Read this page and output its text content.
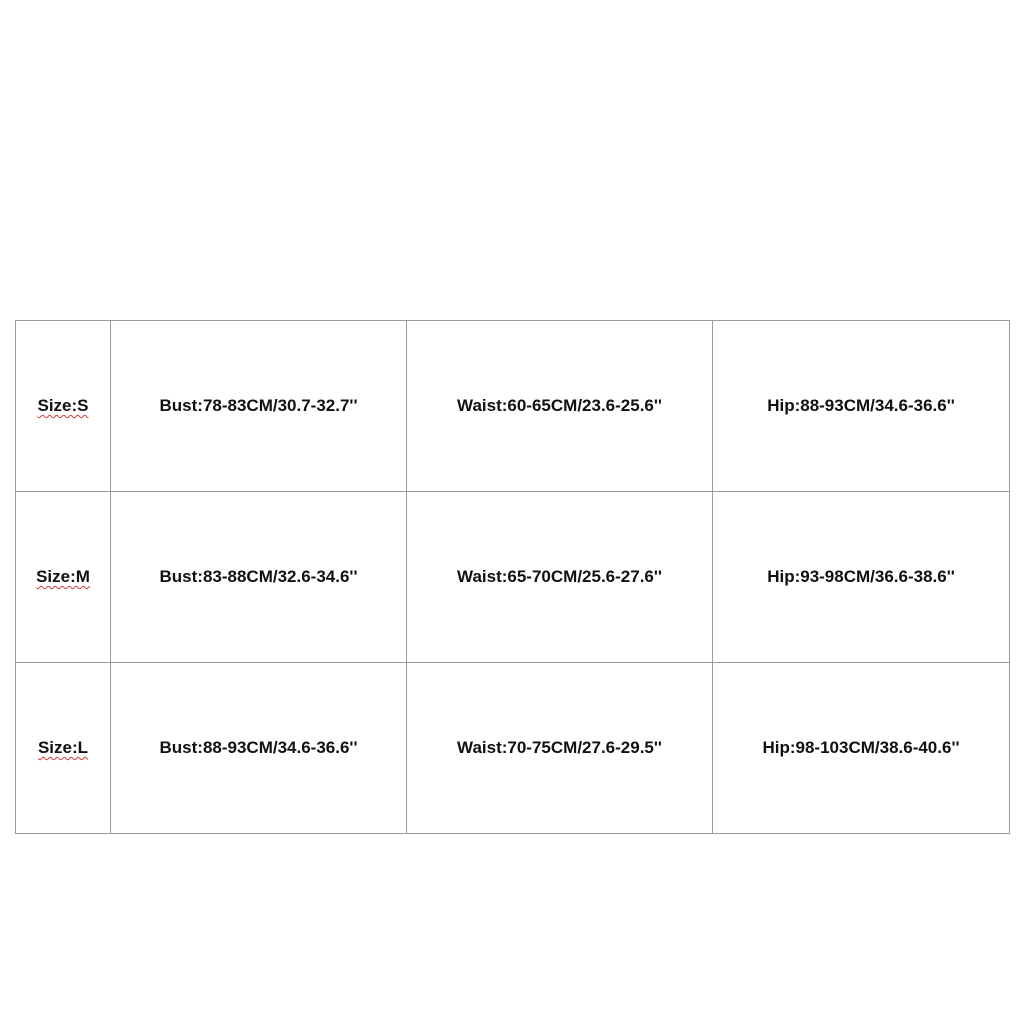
Size:S	Bust:78-83CM/30.7-32.7''	Waist:60-65CM/23.6-25.6''	Hip:88-93CM/34.6-36.6''
Size:M	Bust:83-88CM/32.6-34.6''	Waist:65-70CM/25.6-27.6''	Hip:93-98CM/36.6-38.6''
Size:L	Bust:88-93CM/34.6-36.6''	Waist:70-75CM/27.6-29.5''	Hip:98-103CM/38.6-40.6''
